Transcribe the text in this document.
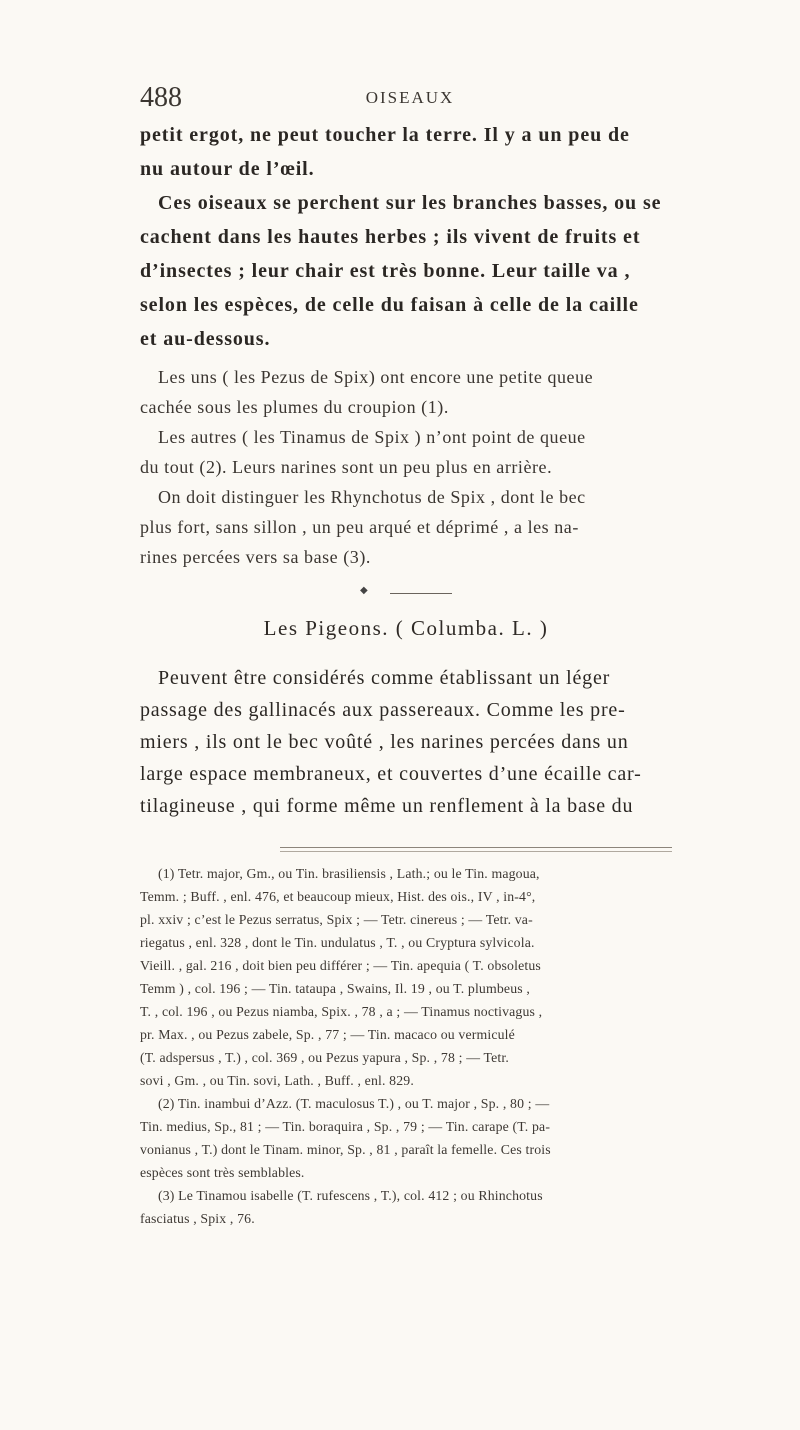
488	OISEAUX
petit ergot, ne peut toucher la terre. Il y a un peu de
nu autour de l’œil.
Ces oiseaux se perchent sur les branches basses, ou se
cachent dans les hautes herbes ; ils vivent de fruits et
d’insectes ; leur chair est très bonne. Leur taille va ,
selon les espèces, de celle du faisan à celle de la caille
et au-dessous.
Les uns ( les Pezus de Spix) ont encore une petite queue
cachée sous les plumes du croupion (1).
Les autres ( les Tinamus de Spix ) n’ont point de queue
du tout (2). Leurs narines sont un peu plus en arrière.
On doit distinguer les Rhynchotus de Spix , dont le bec
plus fort, sans sillon , un peu arqué et déprimé , a les na-
rines percées vers sa base (3).
◆
Les Pigeons. ( Columba. L. )
Peuvent être considérés comme établissant un léger
passage des gallinacés aux passereaux. Comme les pre-
miers , ils ont le bec voûté , les narines percées dans un
large espace membraneux, et couvertes d’une écaille car-
tilagineuse , qui forme même un renflement à la base du
(1) Tetr. major, Gm., ou Tin. brasiliensis , Lath.; ou le Tin. magoua,
Temm. ; Buff. , enl. 476, et beaucoup mieux, Hist. des ois., IV , in-4°,
pl. xxiv ; c’est le Pezus serratus, Spix ; — Tetr. cinereus ; — Tetr. va-
riegatus , enl. 328 , dont le Tin. undulatus , T. , ou Cryptura sylvicola.
Vieill. , gal. 216 , doit bien peu différer ; — Tin. apequia ( T. obsoletus
Temm ) , col. 196 ; — Tin. tataupa , Swains, Il. 19 , ou T. plumbeus ,
T. , col. 196 , ou Pezus niamba, Spix. , 78 , a ; — Tinamus noctivagus ,
pr. Max. , ou Pezus zabele, Sp. , 77 ; — Tin. macaco ou vermiculé
(T. adspersus , T.) , col. 369 , ou Pezus yapura , Sp. , 78 ; — Tetr.
sovi , Gm. , ou Tin. sovi, Lath. , Buff. , enl. 829.
(2) Tin. inambui d’Azz. (T. maculosus T.) , ou T. major , Sp. , 80 ; —
Tin. medius, Sp., 81 ; — Tin. boraquira , Sp. , 79 ; — Tin. carape (T. pa-
vonianus , T.) dont le Tinam. minor, Sp. , 81 , paraît la femelle. Ces trois
espèces sont très semblables.
(3) Le Tinamou isabelle (T. rufescens , T.), col. 412 ; ou Rhinchotus
fasciatus , Spix , 76.
